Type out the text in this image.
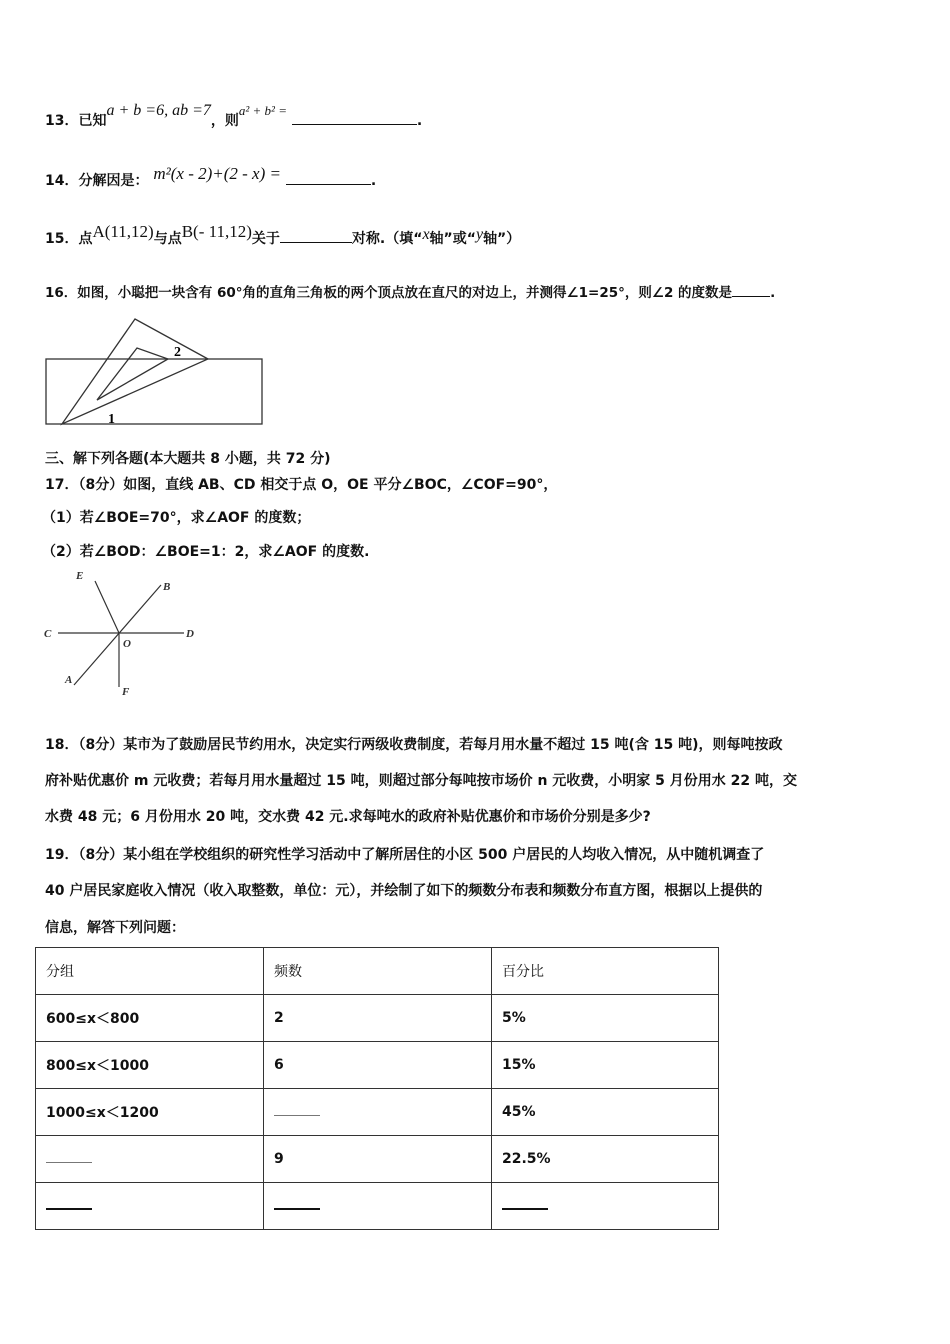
13．已知a + b =6, ab =7，则a² + b² = .
14．分解因是： m²(x - 2)+(2 - x) =	.
15．点A(11,12)与点B(- 11,12)关于	对称.（填“x轴”或“y轴”）
16．如图，小聪把一块含有 60°角的直角三角板的两个顶点放在直尺的对边上，并测得∠1=25°，则∠2 的度数是	.
1
2
三、解下列各题(本大题共 8 小题，共 72 分)
17．（8分）如图，直线 AB、CD 相交于点 O，OE 平分∠BOC，∠COF=90°，
（1）若∠BOE=70°，求∠AOF 的度数；
（2）若∠BOD：∠BOE=1：2，求∠AOF 的度数.
E
B
C	D
O
A
F
18．（8分）某市为了鼓励居民节约用水，决定实行两级收费制度，若每月用水量不超过 15 吨(含 15 吨)，则每吨按政
府补贴优惠价 m 元收费；若每月用水量超过 15 吨，则超过部分每吨按市场价 n 元收费，小明家 5 月份用水 22 吨，交
水费 48 元；6 月份用水 20 吨，交水费 42 元.求每吨水的政府补贴优惠价和市场价分别是多少?
19．（8分）某小组在学校组织的研究性学习活动中了解所居住的小区 500 户居民的人均收入情况，从中随机调查了
40 户居民家庭收入情况（收入取整数，单位：元），并绘制了如下的频数分布表和频数分布直方图，根据以上提供的
信息，解答下列问题：
分组	频数	百分比
600≤x＜800	2	5%
800≤x＜1000	6	15%
1000≤x＜1200		45%
	9	22.5%
